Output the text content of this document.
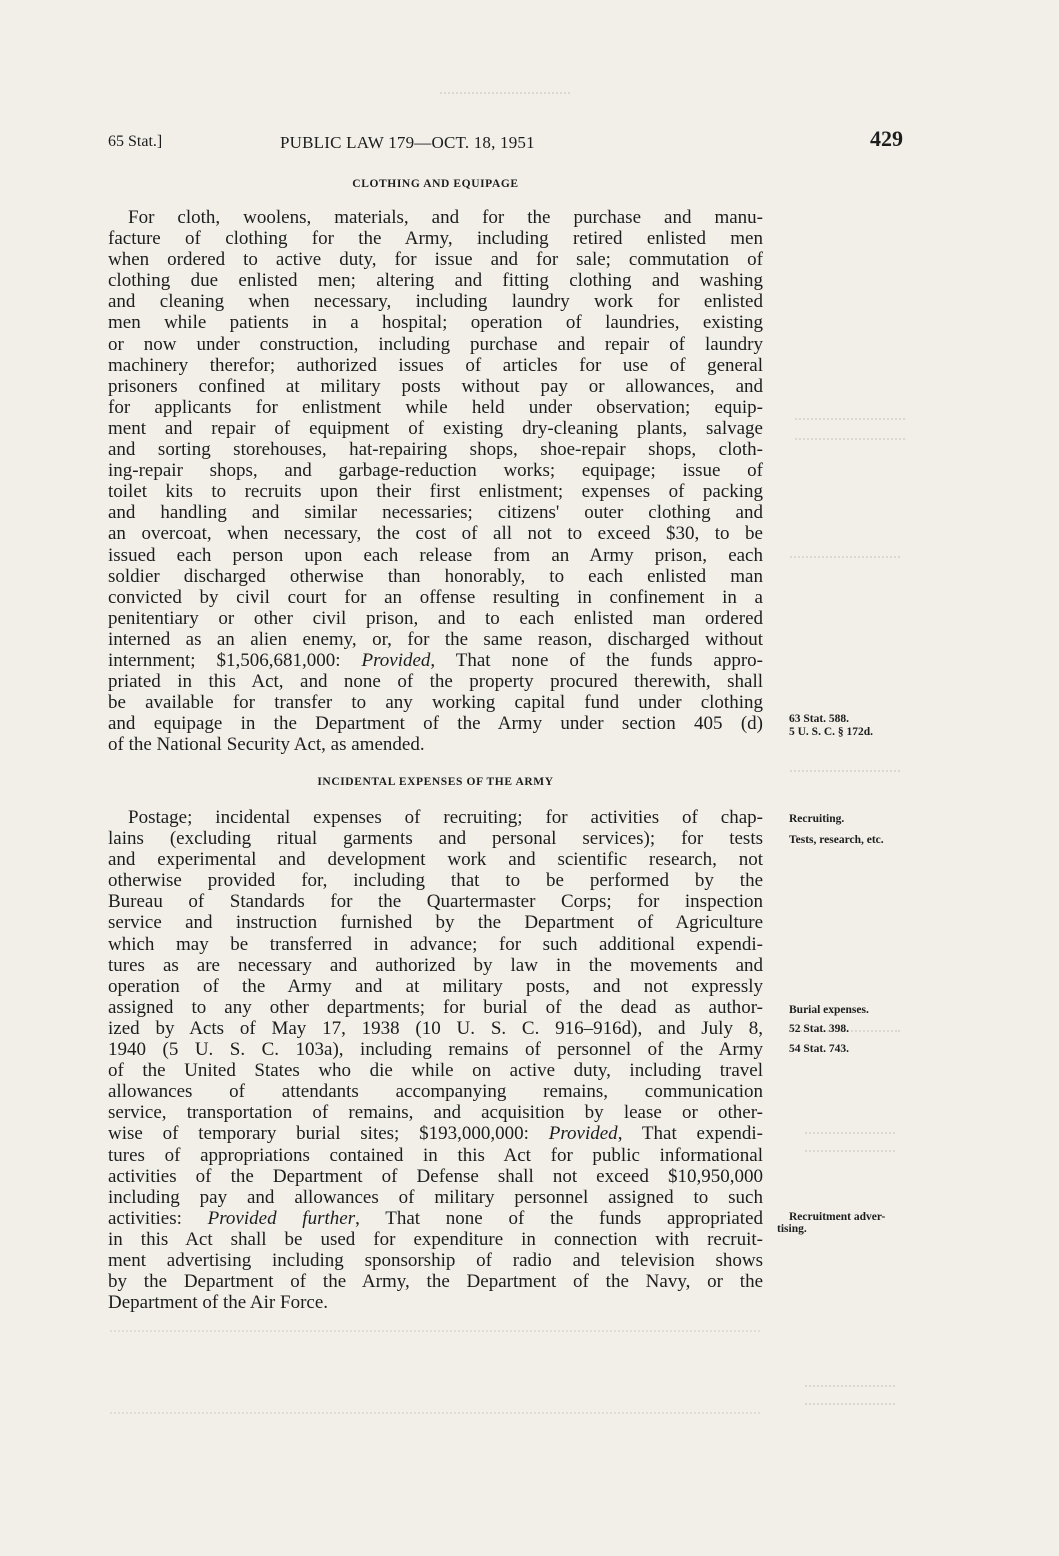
65 Stat.]	PUBLIC LAW 179—OCT. 18, 1951	429
CLOTHING AND EQUIPAGE
For cloth, woolens, materials, and for the purchase and manu-
facture of clothing for the Army, including retired enlisted men
when ordered to active duty, for issue and for sale; commutation of
clothing due enlisted men; altering and fitting clothing and washing
and cleaning when necessary, including laundry work for enlisted
men while patients in a hospital; operation of laundries, existing
or now under construction, including purchase and repair of laundry
machinery therefor; authorized issues of articles for use of general
prisoners confined at military posts without pay or allowances, and
for applicants for enlistment while held under observation; equip-
ment and repair of equipment of existing dry-cleaning plants, salvage
and sorting storehouses, hat-repairing shops, shoe-repair shops, cloth-
ing-repair shops, and garbage-reduction works; equipage; issue of
toilet kits to recruits upon their first enlistment; expenses of packing
and handling and similar necessaries; citizens' outer clothing and
an overcoat, when necessary, the cost of all not to exceed $30, to be
issued each person upon each release from an Army prison, each
soldier discharged otherwise than honorably, to each enlisted man
convicted by civil court for an offense resulting in confinement in a
penitentiary or other civil prison, and to each enlisted man ordered
interned as an alien enemy, or, for the same reason, discharged without
internment; $1,506,681,000: Provided, That none of the funds appro-
priated in this Act, and none of the property procured therewith, shall
be available for transfer to any working capital fund under clothing
and equipage in the Department of the Army under section 405 (d)
of the National Security Act, as amended.
INCIDENTAL EXPENSES OF THE ARMY
Postage; incidental expenses of recruiting; for activities of chap-
lains (excluding ritual garments and personal services); for tests
and experimental and development work and scientific research, not
otherwise provided for, including that to be performed by the
Bureau of Standards for the Quartermaster Corps; for inspection
service and instruction furnished by the Department of Agriculture
which may be transferred in advance; for such additional expendi-
tures as are necessary and authorized by law in the movements and
operation of the Army and at military posts, and not expressly
assigned to any other departments; for burial of the dead as author-
ized by Acts of May 17, 1938 (10 U. S. C. 916–916d), and July 8,
1940 (5 U. S. C. 103a), including remains of personnel of the Army
of the United States who die while on active duty, including travel
allowances of attendants accompanying remains, communication
service, transportation of remains, and acquisition by lease or other-
wise of temporary burial sites; $193,000,000: Provided, That expendi-
tures of appropriations contained in this Act for public informational
activities of the Department of Defense shall not exceed $10,950,000
including pay and allowances of military personnel assigned to such
activities: Provided further, That none of the funds appropriated
in this Act shall be used for expenditure in connection with recruit-
ment advertising including sponsorship of radio and television shows
by the Department of the Army, the Department of the Navy, or the
Department of the Air Force.
63 Stat. 588.
5 U. S. C. § 172d.
Recruiting.
Tests, research, etc.
Burial expenses.
52 Stat. 398.
54 Stat. 743.
Recruitment adver-
tising.
